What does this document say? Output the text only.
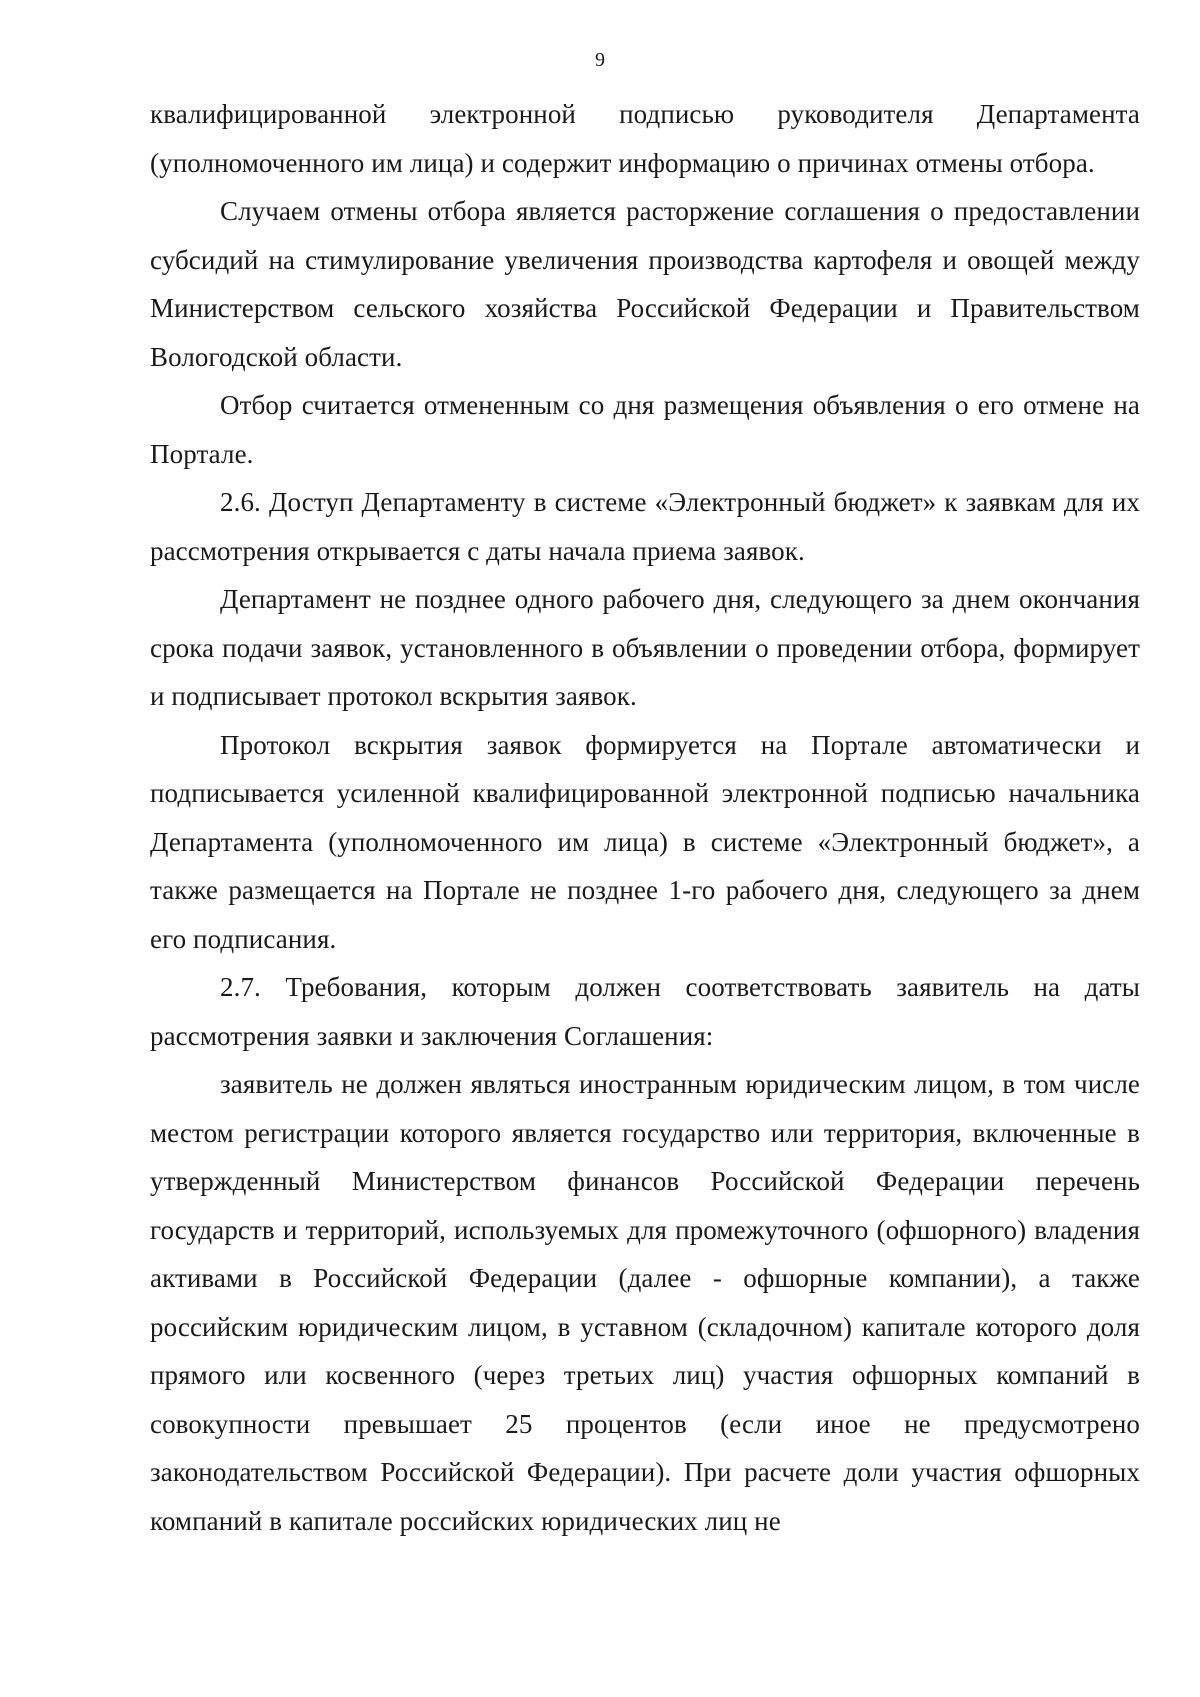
9

квалифицированной электронной подписью руководителя Департамента (уполномоченного им лица) и содержит информацию о причинах отмены отбора.

Случаем отмены отбора является расторжение соглашения о предоставлении субсидий на стимулирование увеличения производства картофеля и овощей между Министерством сельского хозяйства Российской Федерации и Правительством Вологодской области.

Отбор считается отмененным со дня размещения объявления о его отмене на Портале.

2.6. Доступ Департаменту в системе «Электронный бюджет» к заявкам для их рассмотрения открывается с даты начала приема заявок.

Департамент не позднее одного рабочего дня, следующего за днем окончания срока подачи заявок, установленного в объявлении о проведении отбора, формирует и подписывает протокол вскрытия заявок.

Протокол вскрытия заявок формируется на Портале автоматически и подписывается усиленной квалифицированной электронной подписью начальника Департамента (уполномоченного им лица) в системе «Электронный бюджет», а также размещается на Портале не позднее 1-го рабочего дня, следующего за днем его подписания.

2.7. Требования, которым должен соответствовать заявитель на даты рассмотрения заявки и заключения Соглашения:

заявитель не должен являться иностранным юридическим лицом, в том числе местом регистрации которого является государство или территория, включенные в утвержденный Министерством финансов Российской Федерации перечень государств и территорий, используемых для промежуточного (офшорного) владения активами в Российской Федерации (далее - офшорные компании), а также российским юридическим лицом, в уставном (складочном) капитале которого доля прямого или косвенного (через третьих лиц) участия офшорных компаний в совокупности превышает 25 процентов (если иное не предусмотрено законодательством Российской Федерации). При расчете доли участия офшорных компаний в капитале российских юридических лиц не
